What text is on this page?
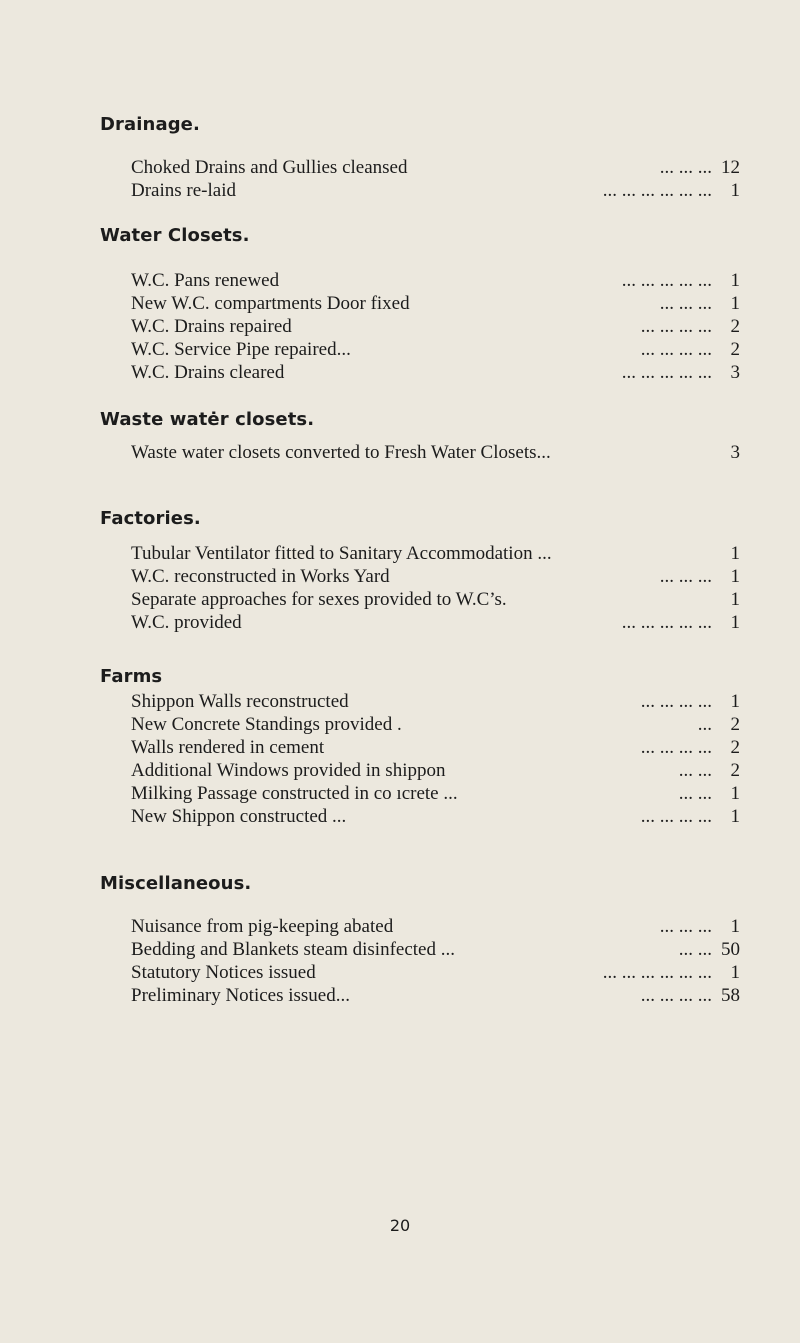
Drainage.
Choked Drains and Gullies cleansed	... ... ... 12
Drains re-laid	... ... ... ... ... ... 1
Water Closets.
W.C. Pans renewed	... ... ... ... ... 1
New W.C. compartments Door fixed	... ... ... 1
W.C. Drains repaired	... ... ... ... 2
W.C. Service Pipe repaired...	... ... ... ... 2
W.C. Drains cleared	... ... ... ... ... 3
Waste watėr closets.
Waste water closets converted to Fresh Water Closets...	3
Factories.
Tubular Ventilator fitted to Sanitary Accommodation ...	1
W.C. reconstructed in Works Yard	... ... ... 1
Separate approaches for sexes provided to W.C’s.	1
W.C. provided	... ... ... ... ... 1
Farms
Shippon Walls reconstructed	... ... ... ... 1
New Concrete Standings provided .	... 2
Walls rendered in cement	... ... ... ... 2
Additional Windows provided in shippon	... ... 2
Milking Passage constructed in co ıcrete ...	... ... 1
New Shippon constructed ...	... ... ... ... 1
Miscellaneous.
Nuisance from pig-keeping abated	... ... ... 1
Bedding and Blankets steam disinfected ...	... ... 50
Statutory Notices issued	... ... ... ... ... ... 1
Preliminary Notices issued...	... ... ... ... 58
20
